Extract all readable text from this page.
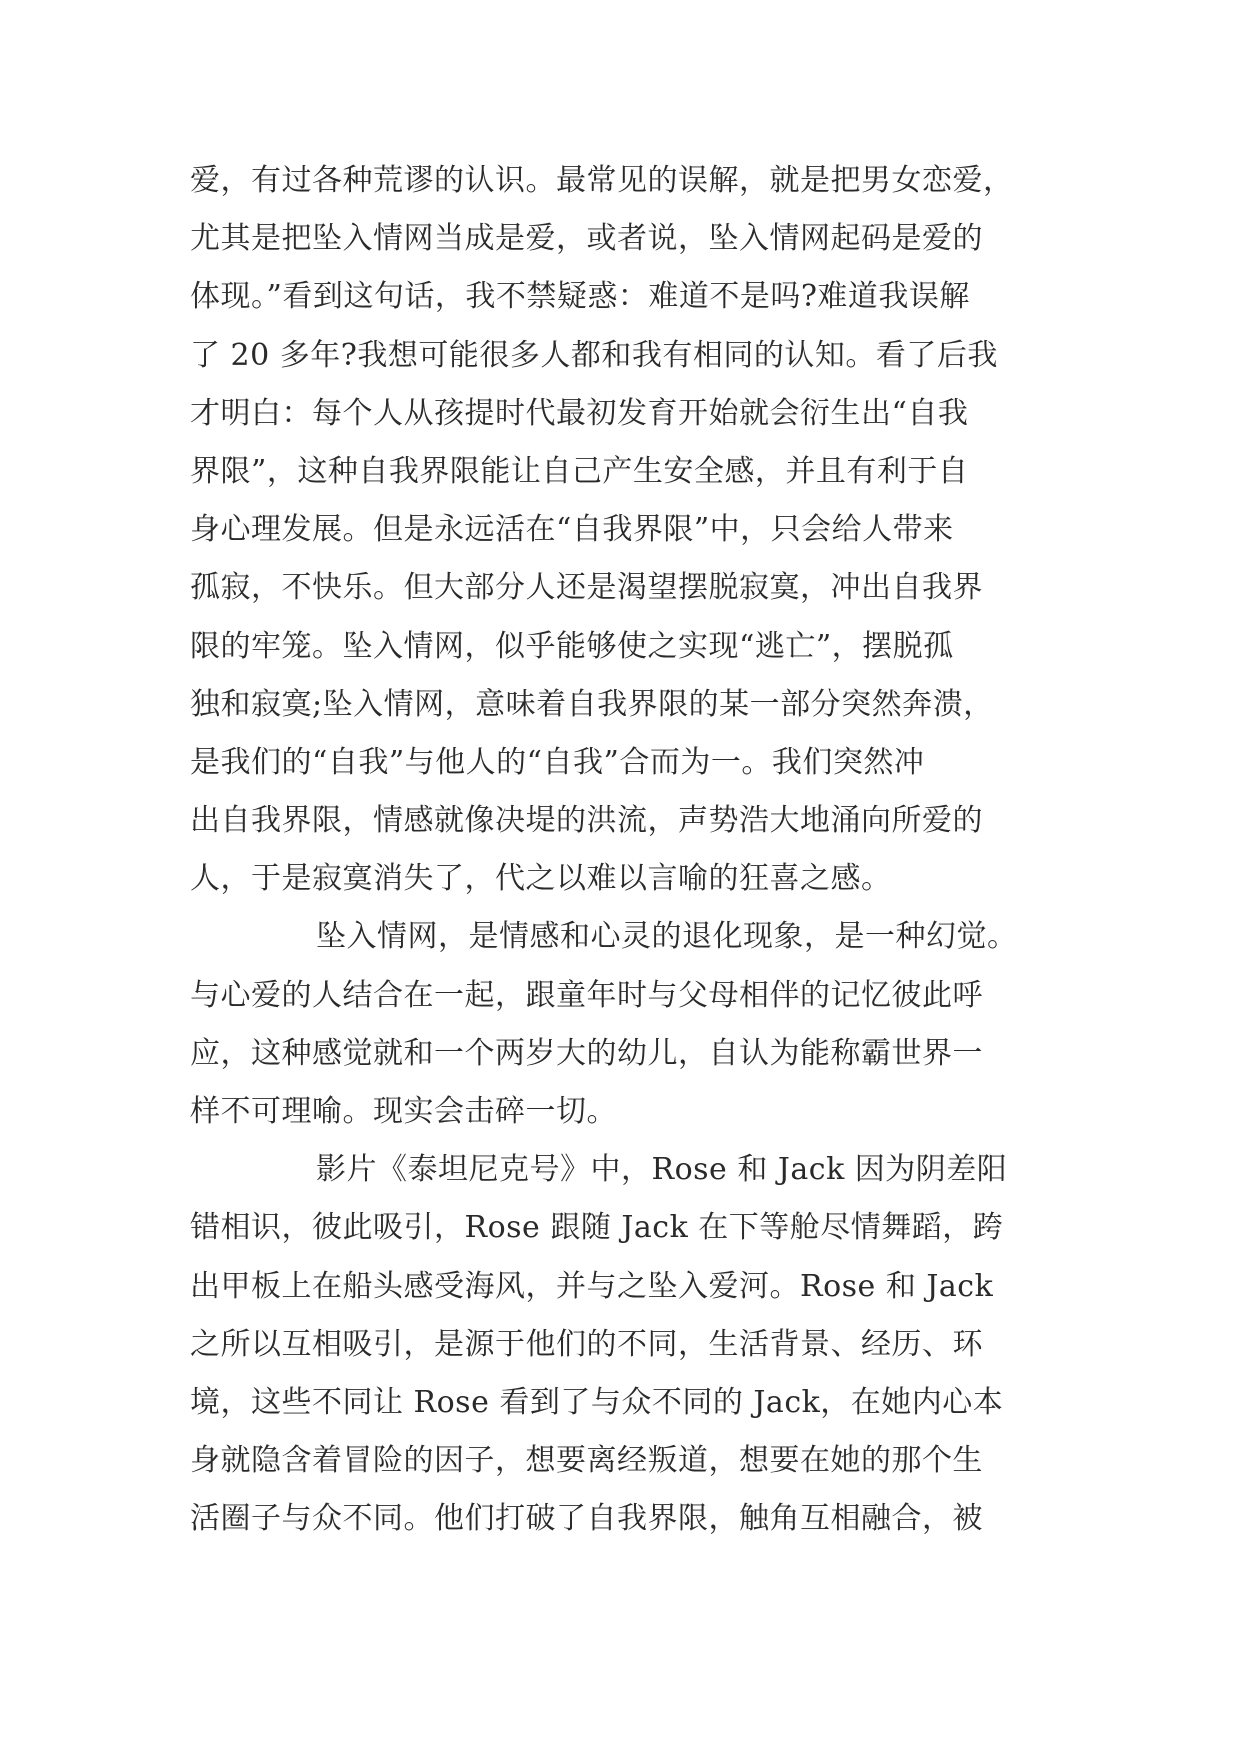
爱，有过各种荒谬的认识。最常见的误解，就是把男女恋爱，
尤其是把坠入情网当成是爱，或者说，坠入情网起码是爱的
体现。”看到这句话，我不禁疑惑：难道不是吗?难道我误解
了 20 多年?我想可能很多人都和我有相同的认知。看了后我
才明白：每个人从孩提时代最初发育开始就会衍生出“自我
界限”，这种自我界限能让自己产生安全感，并且有利于自
身心理发展。但是永远活在“自我界限”中，只会给人带来
孤寂，不快乐。但大部分人还是渴望摆脱寂寞，冲出自我界
限的牢笼。坠入情网，似乎能够使之实现“逃亡”，摆脱孤
独和寂寞;坠入情网，意味着自我界限的某一部分突然奔溃，
是我们的“自我”与他人的“自我”合而为一。我们突然冲
出自我界限，情感就像决堤的洪流，声势浩大地涌向所爱的
人，于是寂寞消失了，代之以难以言喻的狂喜之感。
坠入情网，是情感和心灵的退化现象，是一种幻觉。
与心爱的人结合在一起，跟童年时与父母相伴的记忆彼此呼
应，这种感觉就和一个两岁大的幼儿，自认为能称霸世界一
样不可理喻。现实会击碎一切。
影片《泰坦尼克号》中，Rose 和 Jack 因为阴差阳
错相识，彼此吸引，Rose 跟随 Jack 在下等舱尽情舞蹈，跨
出甲板上在船头感受海风，并与之坠入爱河。Rose 和 Jack
之所以互相吸引，是源于他们的不同，生活背景、经历、环
境，这些不同让 Rose 看到了与众不同的 Jack，在她内心本
身就隐含着冒险的因子，想要离经叛道，想要在她的那个生
活圈子与众不同。他们打破了自我界限，触角互相融合，被
